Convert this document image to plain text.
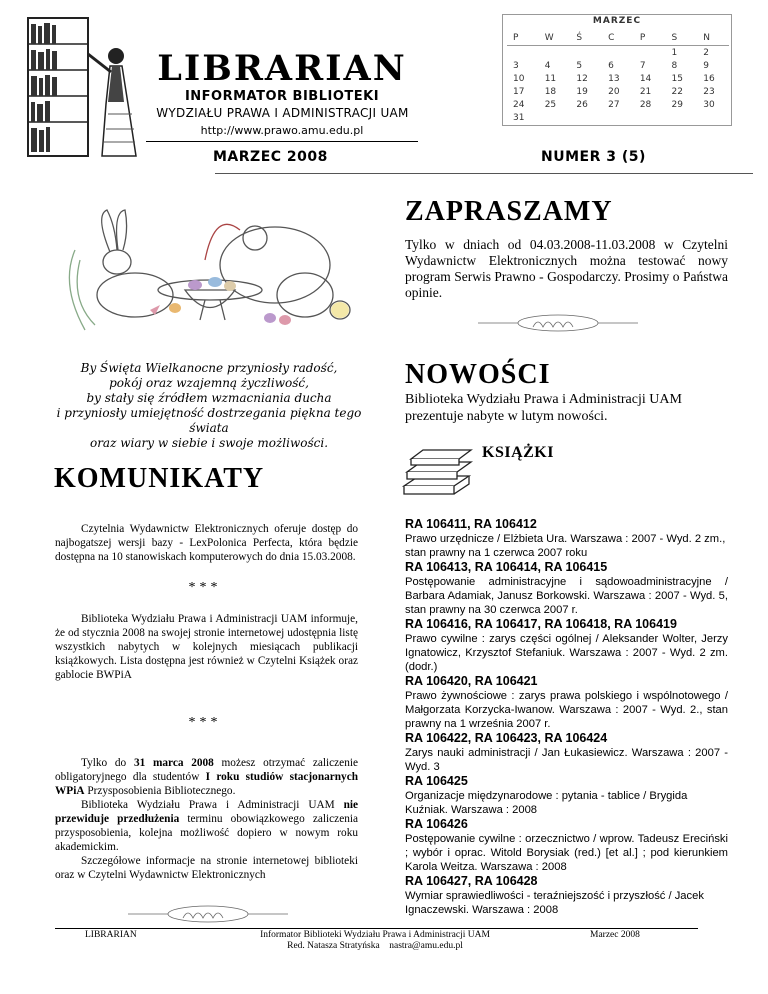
LIBRARIAN
INFORMATOR BIBLIOTEKI
WYDZIAŁU PRAWA I ADMINISTRACJI UAM
http://www.prawo.amu.edu.pl
MARZEC 2008	NUMER 3 (5)
MARZEC
P	W	Ś	C	P	S	N
					1	2
3	4	5	6	7	8	9
10	11	12	13	14	15	16
17	18	19	20	21	22	23
24	25	26	27	28	29	30
31						
ZAPRASZAMY
Tylko w dniach od 04.03.2008-11.03.2008 w Czytelni Wydawnictw Elektronicznych można testować nowy program Serwis Prawno - Gospodarczy. Prosimy o Państwa opinie.
By Święta Wielkanocne przyniosły radość,
pokój oraz wzajemną życzliwość,
by stały się źródłem wzmacniania ducha
i przyniosły umiejętność dostrzegania piękna tego świata
oraz wiary w siebie i swoje możliwości.
NOWOŚCI
Biblioteka Wydziału Prawa i Administracji UAM prezentuje nabyte w lutym nowości.
KSIĄŻKI
KOMUNIKATY
Czytelnia Wydawnictw Elektronicznych oferuje dostęp do najbogatszej wersji bazy - LexPolonica Perfecta, która będzie dostępna na 10 stanowiskach komputerowych do dnia 15.03.2008.
***
Biblioteka Wydziału Prawa i Administracji UAM informuje, że od stycznia 2008 na swojej stronie internetowej udostępnia listę wszystkich nabytych w kolejnych miesiącach publikacji książkowych. Lista dostępna jest również w Czytelni Książek oraz gablocie BWPiA
***
Tylko do 31 marca 2008 możesz otrzymać zaliczenie obligatoryjnego dla studentów I roku studiów stacjonarnych WPiA Przysposobienia Bibliotecznego.
Biblioteka Wydziału Prawa i Administracji UAM nie przewiduje przedłużenia terminu obowiązkowego zaliczenia przysposobienia, kolejna możliwość dopiero w nowym roku akademickim.
Szczegółowe informacje na stronie internetowej biblioteki oraz w Czytelni Wydawnictw Elektronicznych
RA 106411, RA 106412
Prawo urzędnicze / Elżbieta Ura. Warszawa : 2007 - Wyd. 2 zm., stan prawny na 1 czerwca 2007 roku
RA 106413, RA 106414, RA 106415
Postępowanie administracyjne i sądowoadministracyjne / Barbara Adamiak, Janusz Borkowski. Warszawa : 2007 - Wyd. 5, stan prawny na 30 czerwca 2007 r.
RA 106416, RA 106417, RA 106418, RA 106419
Prawo cywilne : zarys części ogólnej / Aleksander Wolter, Jerzy Ignatowicz, Krzysztof Stefaniuk. Warszawa : 2007 - Wyd. 2 zm. (dodr.)
RA 106420, RA 106421
Prawo żywnościowe : zarys prawa polskiego i wspólnotowego / Małgorzata Korzycka-Iwanow. Warszawa : 2007 - Wyd. 2., stan prawny na 1 września 2007 r.
RA 106422, RA 106423, RA 106424
Zarys nauki administracji / Jan Łukasiewicz. Warszawa : 2007 - Wyd. 3
RA 106425
Organizacje międzynarodowe : pytania - tablice / Brygida Kuźniak. Warszawa : 2008
RA 106426
Postępowanie cywilne : orzecznictwo / wprow. Tadeusz Ereciński ; wybór i oprac. Witold Borysiak (red.) [et al.] ; pod kierunkiem Karola Weitza. Warszawa : 2008
RA 106427, RA 106428
Wymiar sprawiedliwości - teraźniejszość i przyszłość / Jacek Ignaczewski. Warszawa : 2008
LIBRARIAN	Informator Biblioteki Wydziału Prawa i Administracji UAM
Red. Natasza Stratyńska    nastra@amu.edu.pl
Marzec 2008
